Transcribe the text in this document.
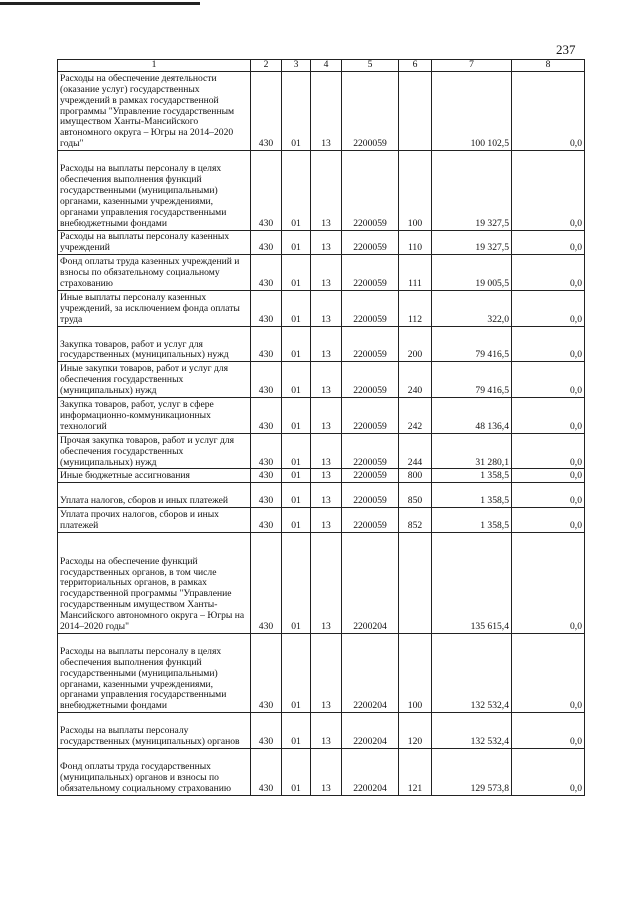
237
1	2	3	4	5	6	7	8

Расходы на обеспечение деятельности (оказание услуг) государственных учреждений в рамках государственной программы "Управление государственным имуществом Ханты-Мансийского автономного округа – Югры на 2014–2020 годы"	430	01	13	2200059		100 102,5	0,0

Расходы на выплаты персоналу в целях обеспечения выполнения функций государственными (муниципальными) органами, казенными учреждениями, органами управления государственными внебюджетными фондами	430	01	13	2200059	100	19 327,5	0,0

Расходы на выплаты персоналу казенных учреждений	430	01	13	2200059	110	19 327,5	0,0

Фонд оплаты труда казенных учреждений и взносы по обязательному социальному страхованию	430	01	13	2200059	111	19 005,5	0,0

Иные выплаты персоналу казенных учреждений, за исключением фонда оплаты труда	430	01	13	2200059	112	322,0	0,0

Закупка товаров, работ и услуг для государственных (муниципальных) нужд	430	01	13	2200059	200	79 416,5	0,0

Иные закупки товаров, работ и услуг для обеспечения государственных (муниципальных) нужд	430	01	13	2200059	240	79 416,5	0,0

Закупка товаров, работ, услуг в сфере информационно-коммуникационных технологий	430	01	13	2200059	242	48 136,4	0,0

Прочая закупка товаров, работ и услуг для обеспечения государственных (муниципальных) нужд	430	01	13	2200059	244	31 280,1	0,0

Иные бюджетные ассигнования	430	01	13	2200059	800	1 358,5	0,0

Уплата налогов, сборов и иных платежей	430	01	13	2200059	850	1 358,5	0,0

Уплата прочих налогов, сборов и иных платежей	430	01	13	2200059	852	1 358,5	0,0

Расходы на обеспечение функций государственных органов, в том числе территориальных органов, в рамках государственной программы "Управление государственным имуществом Ханты-Мансийского автономного округа – Югры на 2014–2020 годы"	430	01	13	2200204		135 615,4	0,0

Расходы на выплаты персоналу в целях обеспечения выполнения функций государственными (муниципальными) органами, казенными учреждениями, органами управления государственными внебюджетными фондами	430	01	13	2200204	100	132 532,4	0,0

Расходы на выплаты персоналу государственных (муниципальных) органов	430	01	13	2200204	120	132 532,4	0,0

Фонд оплаты труда государственных (муниципальных) органов и взносы по обязательному социальному страхованию	430	01	13	2200204	121	129 573,8	0,0
